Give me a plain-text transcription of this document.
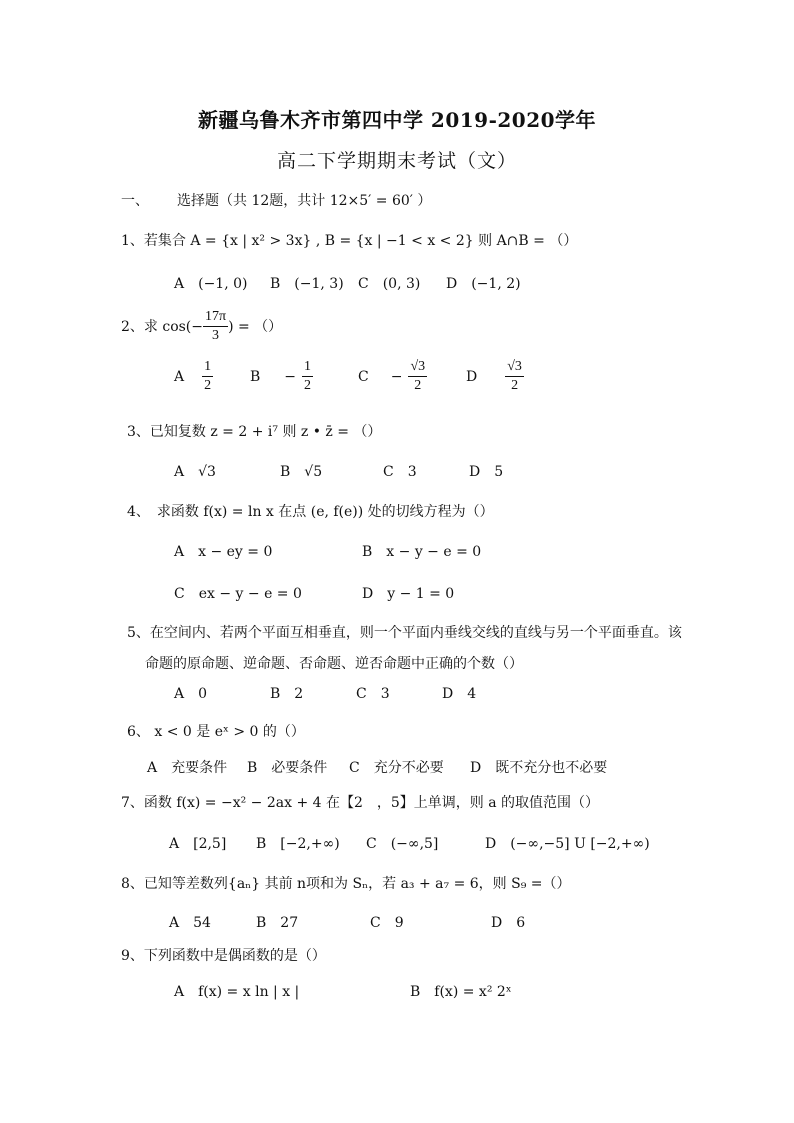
新疆乌鲁木齐市第四中学 2019-2020学年
高二下学期期末考试（文）
一、 选择题（共 12题，共计 12×5′ = 60′ ）
1、若集合 A = {x | x² > 3x} , B = {x | −1 < x < 2} 则 A∩B = （）
A　(−1, 0) B　(−1, 3) C　(0, 3) D　(−1, 2)
2、求 $\cos(- \frac{17\pi}{3}$ ) = （）
A $\frac{1}{2}$	$B - \frac{1}{2}$	$C - \frac{√3}{2}$	D $\frac{√3}{2}$
3、已知复数 z = 2 + i⁷ 则 z • z̄ = （）
A　√3	B　√5	C　3	D　5
4、　求函数 f(x) = ln x 在点 (e, f(e)) 处的切线方程为（）
A　x − ey = 0	B　x − y − e = 0
C　ex − y − e = 0	D　y − 1 = 0
5、在空间内、若两个平面互相垂直，则一个平面内垂线交线的直线与另一个平面垂直。该
命题的原命题、逆命题、否命题、逆否命题中正确的个数（）
A　0	B　2	C　3	D　4
6、 x < 0 是 eˣ > 0 的（）
A　充要条件 B　必要条件 C　充分不必要 D　既不充分也不必要
7、函数 f(x) = −x² − 2ax + 4 在【2　，5】上单调，则 a 的取值范围（）
A　[2,5] B　[−2,+∞) C　(−∞,5]	D　(−∞,−5] U [−2,+∞)
8、已知等差数列{aₙ} 其前 n项和为 Sₙ，若 a₃ + a₇ = 6，则 S₉ =（）
A　54	B　27	C　9	D　6
9、下列函数中是偶函数的是（）
A　f(x) = x ln | x |	B　f(x) = x² 2ˣ
